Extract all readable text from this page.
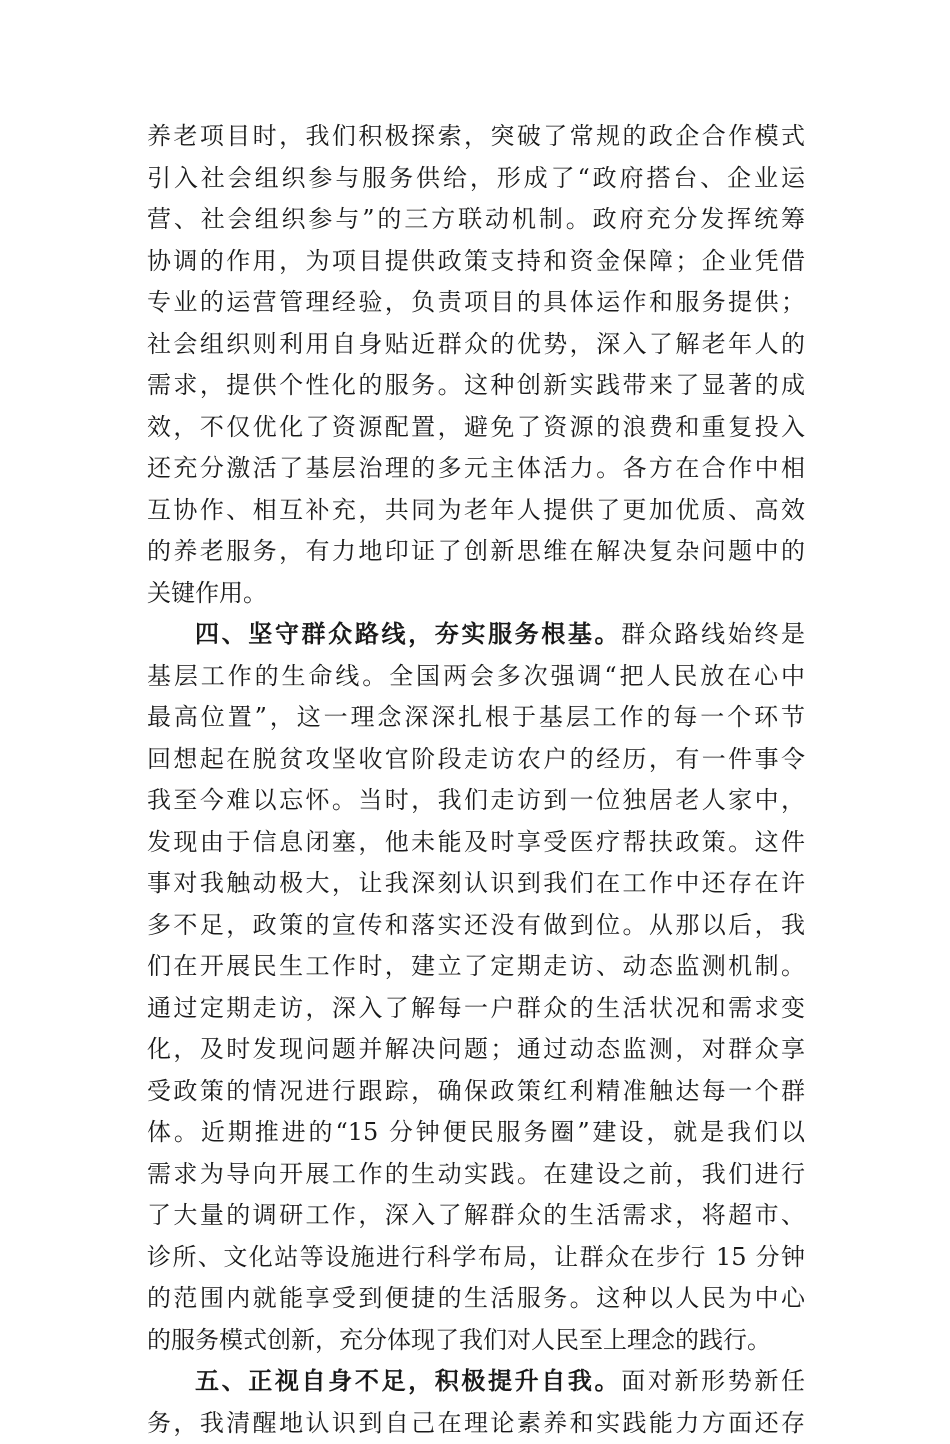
养老项目时，我们积极探索，突破了常规的政企合作模式
引入社会组织参与服务供给，形成了“政府搭台、企业运
营、社会组织参与”的三方联动机制。政府充分发挥统筹
协调的作用，为项目提供政策支持和资金保障；企业凭借
专业的运营管理经验，负责项目的具体运作和服务提供；
社会组织则利用自身贴近群众的优势，深入了解老年人的
需求，提供个性化的服务。这种创新实践带来了显著的成
效，不仅优化了资源配置，避免了资源的浪费和重复投入
还充分激活了基层治理的多元主体活力。各方在合作中相
互协作、相互补充，共同为老年人提供了更加优质、高效
的养老服务，有力地印证了创新思维在解决复杂问题中的
关键作用。
四、坚守群众路线，夯实服务根基。群众路线始终是
基层工作的生命线。全国两会多次强调“把人民放在心中
最高位置”，这一理念深深扎根于基层工作的每一个环节
回想起在脱贫攻坚收官阶段走访农户的经历，有一件事令
我至今难以忘怀。当时，我们走访到一位独居老人家中，
发现由于信息闭塞，他未能及时享受医疗帮扶政策。这件
事对我触动极大，让我深刻认识到我们在工作中还存在许
多不足，政策的宣传和落实还没有做到位。从那以后，我
们在开展民生工作时，建立了定期走访、动态监测机制。
通过定期走访，深入了解每一户群众的生活状况和需求变
化，及时发现问题并解决问题；通过动态监测，对群众享
受政策的情况进行跟踪，确保政策红利精准触达每一个群
体。近期推进的“15 分钟便民服务圈”建设，就是我们以
需求为导向开展工作的生动实践。在建设之前，我们进行
了大量的调研工作，深入了解群众的生活需求，将超市、
诊所、文化站等设施进行科学布局，让群众在步行 15 分钟
的范围内就能享受到便捷的生活服务。这种以人民为中心
的服务模式创新，充分体现了我们对人民至上理念的践行。
五、正视自身不足，积极提升自我。面对新形势新任
务，我清醒地认识到自己在理论素养和实践能力方面还存
